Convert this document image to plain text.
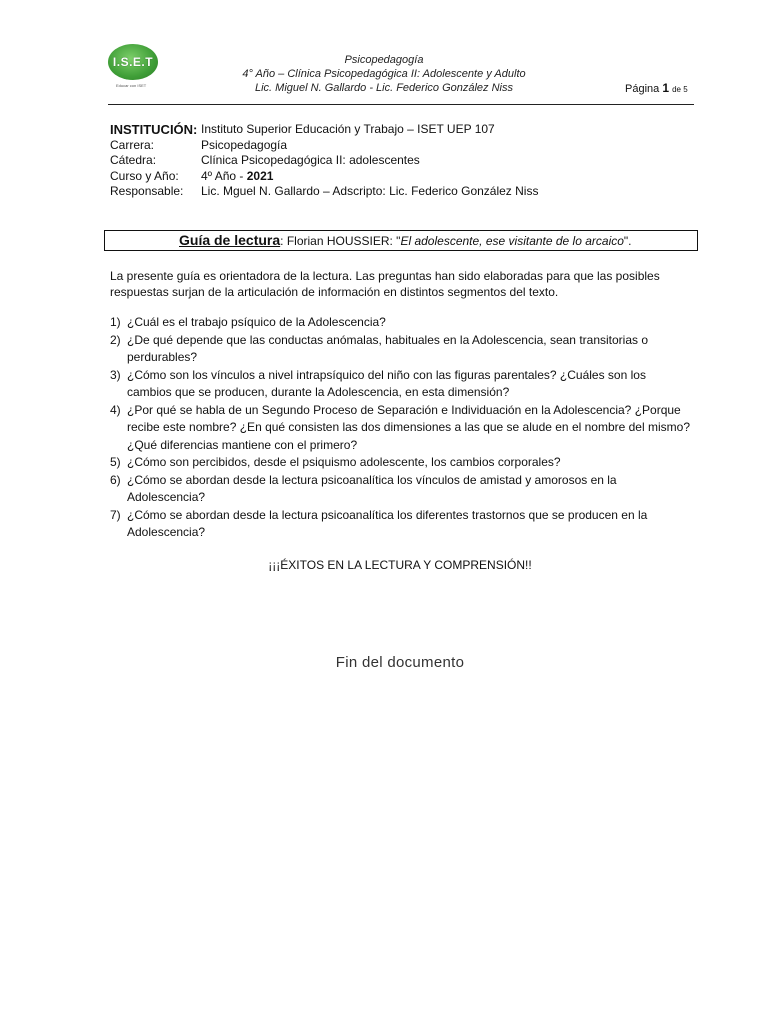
I.S.E.T
Educar con ISET
Psicopedagogía
4° Año – Clínica Psicopedagógica II: Adolescente y Adulto
Lic. Miguel N. Gallardo - Lic. Federico González Niss	Página 1 de 5
INSTITUCIÓN: Instituto Superior Educación y Trabajo – ISET UEP 107
Carrera:	Psicopedagogía
Cátedra:	Clínica Psicopedagógica II: adolescentes
Curso y Año:	4º Año - 2021
Responsable:	Lic. Mguel N. Gallardo – Adscripto: Lic. Federico González Niss
Guía de lectura: Florian HOUSSIER: "El adolescente, ese visitante de lo arcaico".
La presente guía es orientadora de la lectura. Las preguntas han sido elaboradas para que las posibles respuestas surjan de la articulación de información en distintos segmentos del texto.
1) ¿Cuál es el trabajo psíquico de la Adolescencia?
2) ¿De qué depende que las conductas anómalas, habituales en la Adolescencia, sean transitorias o perdurables?
3) ¿Cómo son los vínculos a nivel intrapsíquico del niño con las figuras parentales? ¿Cuáles son los cambios que se producen, durante la Adolescencia, en esta dimensión?
4) ¿Por qué se habla de un Segundo Proceso de Separación e Individuación en la Adolescencia? ¿Porque recibe este nombre? ¿En qué consisten las dos dimensiones a las que se alude en el nombre del mismo? ¿Qué diferencias mantiene con el primero?
5) ¿Cómo son percibidos, desde el psiquismo adolescente, los cambios corporales?
6) ¿Cómo se abordan desde la lectura psicoanalítica los vínculos de amistad y amorosos en la Adolescencia?
7) ¿Cómo se abordan desde la lectura psicoanalítica los diferentes trastornos que se producen en la Adolescencia?
¡¡¡ÉXITOS EN LA LECTURA Y COMPRENSIÓN!!
Fin del documento
